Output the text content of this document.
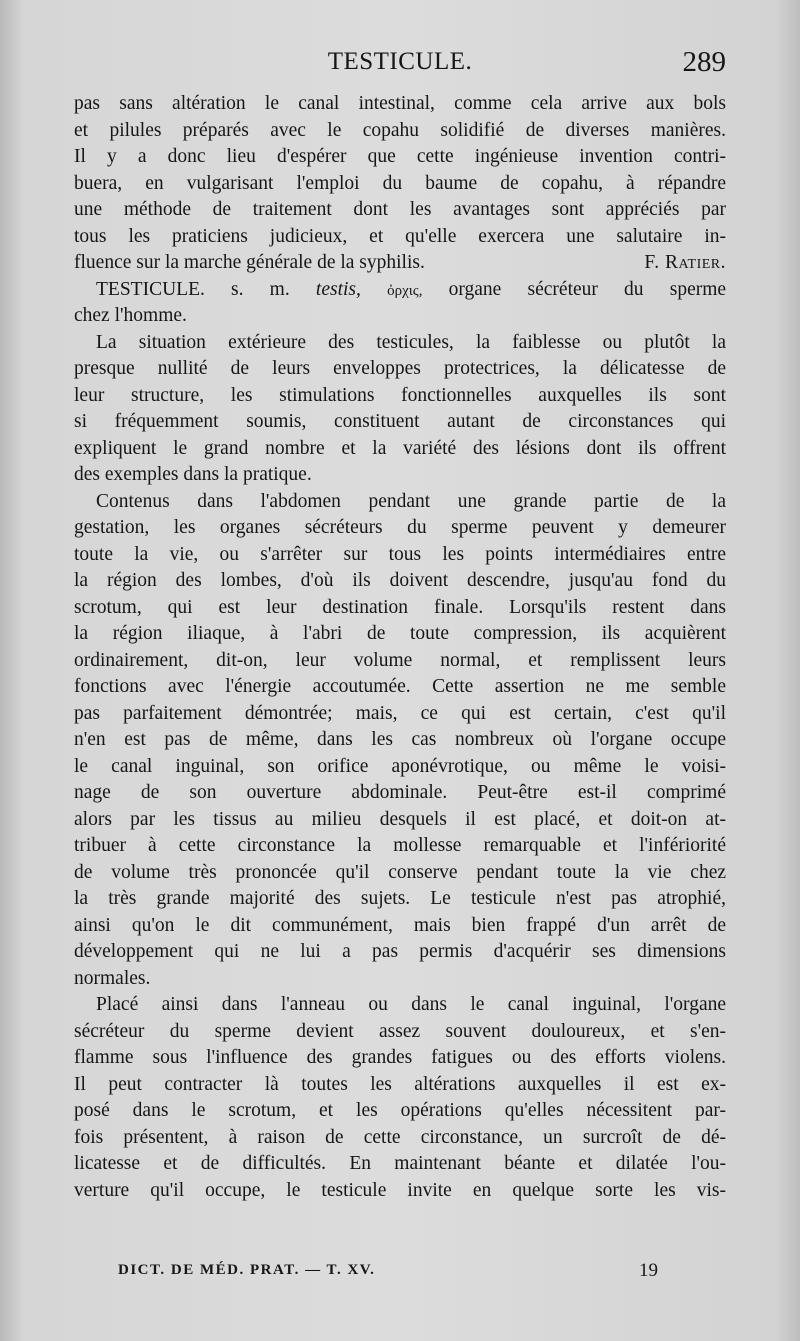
TESTICULE.	289
pas sans altération le canal intestinal, comme cela arrive aux bols
et pilules préparés avec le copahu solidifié de diverses manières.
Il y a donc lieu d'espérer que cette ingénieuse invention contri-
buera, en vulgarisant l'emploi du baume de copahu, à répandre
une méthode de traitement dont les avantages sont appréciés par
tous les praticiens judicieux, et qu'elle exercera une salutaire in-
fluence sur la marche générale de la syphilis.	F. Ratier.
TESTICULE. s. m. testis, ὀρχις, organe sécréteur du sperme
chez l'homme.
La situation extérieure des testicules, la faiblesse ou plutôt la
presque nullité de leurs enveloppes protectrices, la délicatesse de
leur structure, les stimulations fonctionnelles auxquelles ils sont
si fréquemment soumis, constituent autant de circonstances qui
expliquent le grand nombre et la variété des lésions dont ils offrent
des exemples dans la pratique.
Contenus dans l'abdomen pendant une grande partie de la
gestation, les organes sécréteurs du sperme peuvent y demeurer
toute la vie, ou s'arrêter sur tous les points intermédiaires entre
la région des lombes, d'où ils doivent descendre, jusqu'au fond du
scrotum, qui est leur destination finale. Lorsqu'ils restent dans
la région iliaque, à l'abri de toute compression, ils acquièrent
ordinairement, dit-on, leur volume normal, et remplissent leurs
fonctions avec l'énergie accoutumée. Cette assertion ne me semble
pas parfaitement démontrée; mais, ce qui est certain, c'est qu'il
n'en est pas de même, dans les cas nombreux où l'organe occupe
le canal inguinal, son orifice aponévrotique, ou même le voisi-
nage de son ouverture abdominale. Peut-être est-il comprimé
alors par les tissus au milieu desquels il est placé, et doit-on at-
tribuer à cette circonstance la mollesse remarquable et l'infériorité
de volume très prononcée qu'il conserve pendant toute la vie chez
la très grande majorité des sujets. Le testicule n'est pas atrophié,
ainsi qu'on le dit communément, mais bien frappé d'un arrêt de
développement qui ne lui a pas permis d'acquérir ses dimensions
normales.
Placé ainsi dans l'anneau ou dans le canal inguinal, l'organe
sécréteur du sperme devient assez souvent douloureux, et s'en-
flamme sous l'influence des grandes fatigues ou des efforts violens.
Il peut contracter là toutes les altérations auxquelles il est ex-
posé dans le scrotum, et les opérations qu'elles nécessitent par-
fois présentent, à raison de cette circonstance, un surcroît de dé-
licatesse et de difficultés. En maintenant béante et dilatée l'ou-
verture qu'il occupe, le testicule invite en quelque sorte les vis-
DICT. DE MÉD. PRAT. — T. XV.	19
